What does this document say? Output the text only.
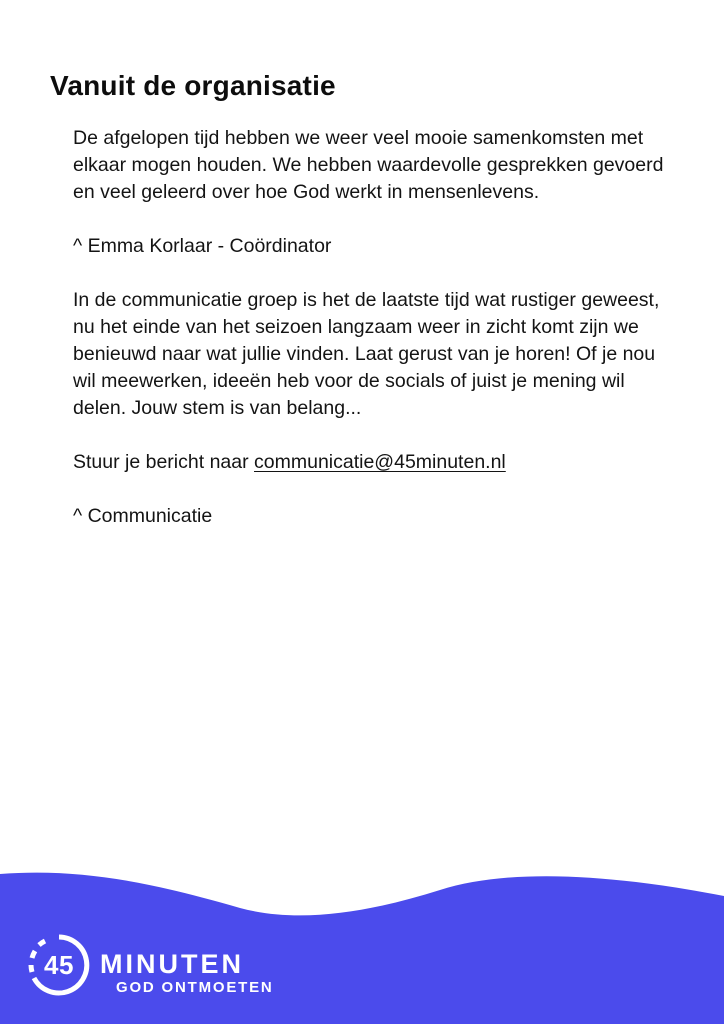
Vanuit de organisatie

De afgelopen tijd hebben we weer veel mooie samenkomsten met elkaar mogen houden. We hebben waardevolle gesprekken gevoerd en veel geleerd over hoe God werkt in mensenlevens.

^ Emma Korlaar - Coördinator

In de communicatie groep is het de laatste tijd wat rustiger geweest, nu het einde van het seizoen langzaam weer in zicht komt zijn we benieuwd naar wat jullie vinden. Laat gerust van je horen! Of je nou wil meewerken, ideeën heb voor de socials of juist je mening wil delen. Jouw stem is van belang...

Stuur je bericht naar communicatie@45minuten.nl

^ Communicatie

45 MINUTEN
GOD ONTMOETEN
